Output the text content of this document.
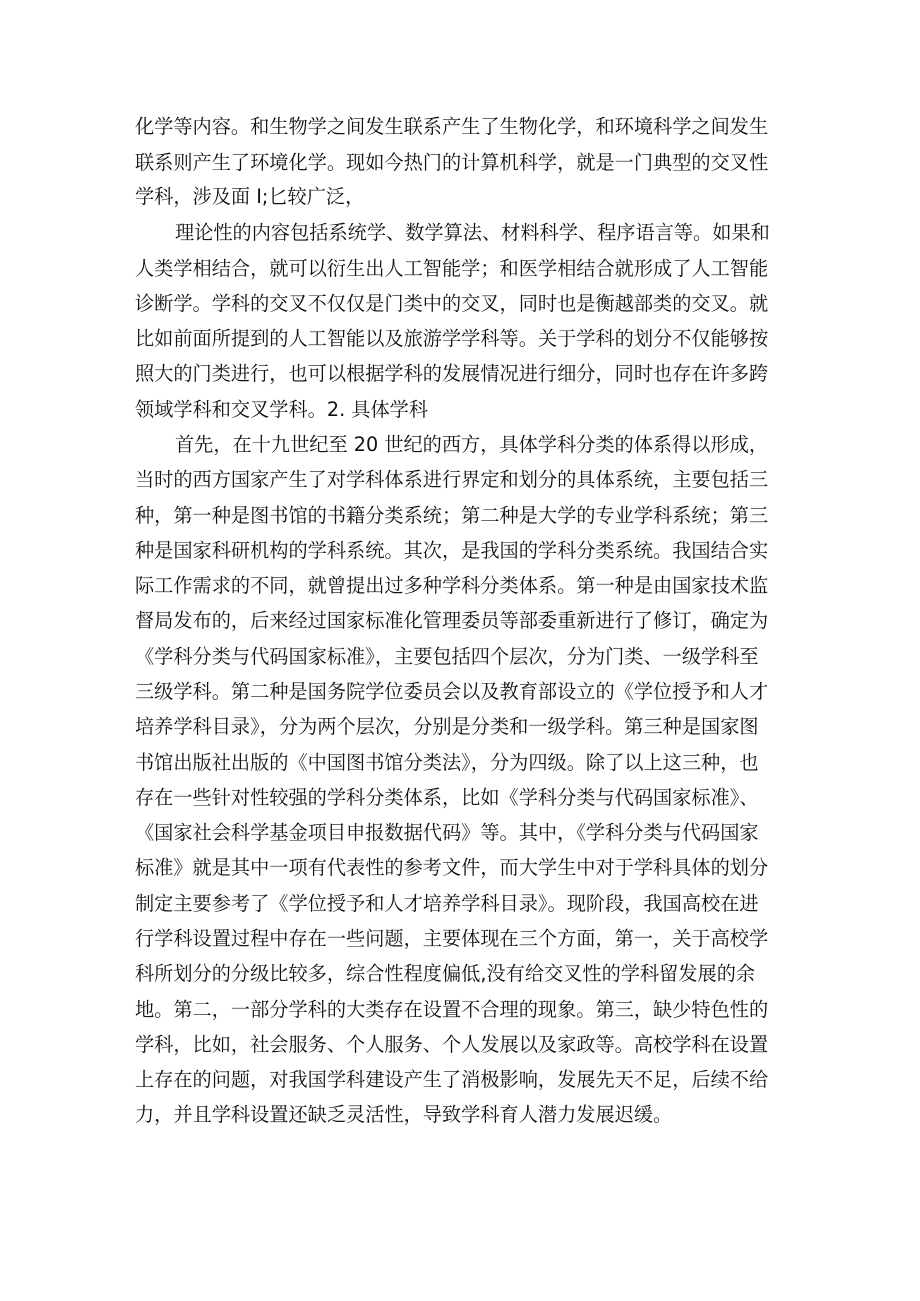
化学等内容。和生物学之间发生联系产生了生物化学，和环境科学之间发生
联系则产生了环境化学。现如今热门的计算机科学，就是一门典型的交叉性
学科，涉及面 I;匕较广泛，
理论性的内容包括系统学、数学算法、材料科学、程序语言等。如果和
人类学相结合，就可以衍生出人工智能学；和医学相结合就形成了人工智能
诊断学。学科的交叉不仅仅是门类中的交叉，同时也是衡越部类的交叉。就
比如前面所提到的人工智能以及旅游学学科等。关于学科的划分不仅能够按
照大的门类进行，也可以根据学科的发展情况进行细分，同时也存在许多跨
领域学科和交叉学科。2. 具体学科
首先，在十九世纪至 20 世纪的西方，具体学科分类的体系得以形成，
当时的西方国家产生了对学科体系进行界定和划分的具体系统，主要包括三
种，第一种是图书馆的书籍分类系统；第二种是大学的专业学科系统；第三
种是国家科研机构的学科系统。其次，是我国的学科分类系统。我国结合实
际工作需求的不同，就曾提出过多种学科分类体系。第一种是由国家技术监
督局发布的，后来经过国家标准化管理委员等部委重新进行了修订，确定为
《学科分类与代码国家标准》，主要包括四个层次，分为门类、一级学科至
三级学科。第二种是国务院学位委员会以及教育部设立的《学位授予和人才
培养学科目录》，分为两个层次，分别是分类和一级学科。第三种是国家图
书馆出版社出版的《中国图书馆分类法》，分为四级。除了以上这三种，也
存在一些针对性较强的学科分类体系，比如《学科分类与代码国家标准》、
《国家社会科学基金项目申报数据代码》等。其中，《学科分类与代码国家
标准》就是其中一项有代表性的参考文件，而大学生中对于学科具体的划分
制定主要参考了《学位授予和人才培养学科目录》。现阶段，我国高校在进
行学科设置过程中存在一些问题，主要体现在三个方面，第一，关于高校学
科所划分的分级比较多，综合性程度偏低,没有给交叉性的学科留发展的余
地。第二，一部分学科的大类存在设置不合理的现象。第三，缺少特色性的
学科，比如，社会服务、个人服务、个人发展以及家政等。高校学科在设置
上存在的问题，对我国学科建设产生了消极影响，发展先天不足，后续不给
力，并且学科设置还缺乏灵活性，导致学科育人潜力发展迟缓。
